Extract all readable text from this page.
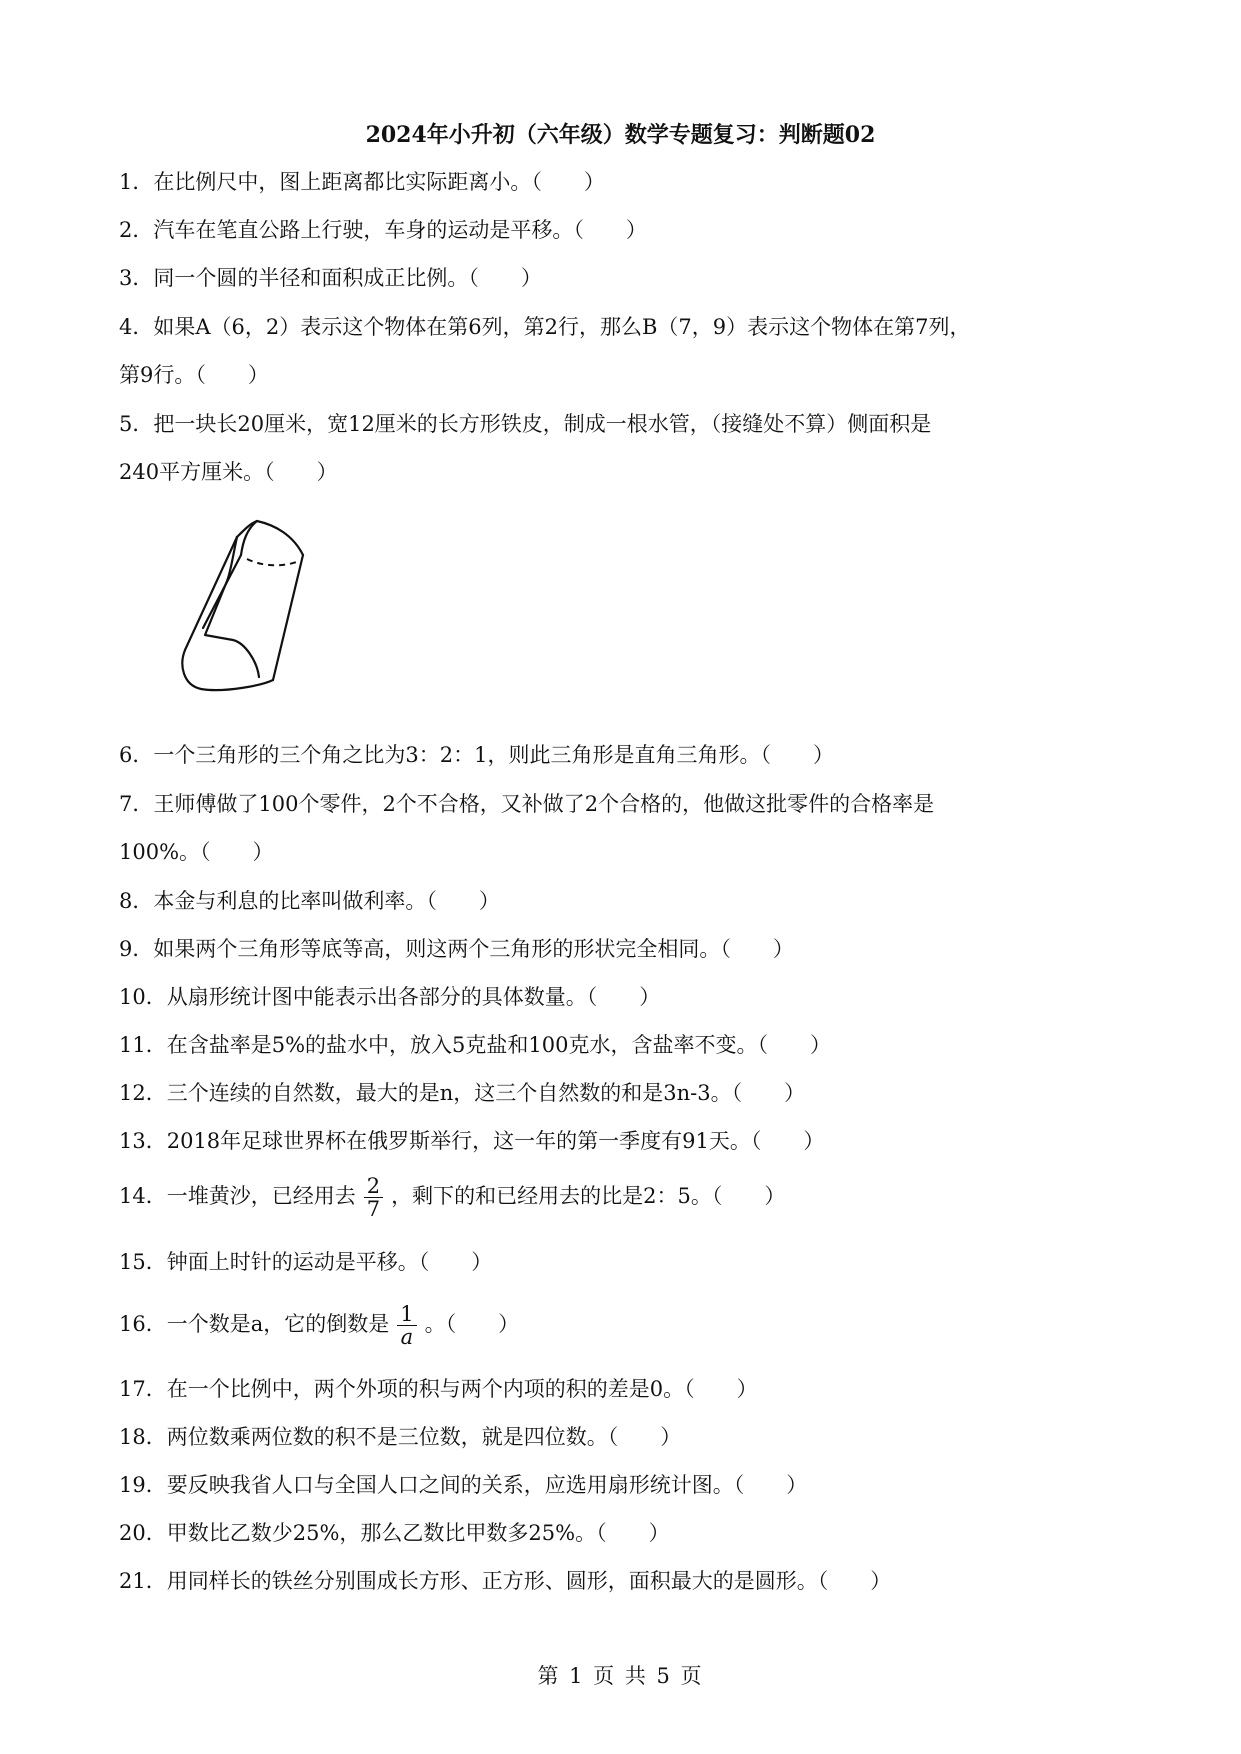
2024年小升初（六年级）数学专题复习：判断题02
1．在比例尺中，图上距离都比实际距离小。（　　）
2．汽车在笔直公路上行驶，车身的运动是平移。（　　）
3．同一个圆的半径和面积成正比例。（　　）
4．如果A（6，2）表示这个物体在第6列，第2行，那么B（7，9）表示这个物体在第7列，
第9行。（　　）
5．把一块长20厘米，宽12厘米的长方形铁皮，制成一根水管，（接缝处不算）侧面积是
240平方厘米。（　　）
6．一个三角形的三个角之比为3：2：1，则此三角形是直角三角形。（　　）
7．王师傅做了100个零件，2个不合格，又补做了2个合格的，他做这批零件的合格率是
100%。（　　）
8．本金与利息的比率叫做利率。（　　）
9．如果两个三角形等底等高，则这两个三角形的形状完全相同。（　　）
10．从扇形统计图中能表示出各部分的具体数量。（　　）
11．在含盐率是5%的盐水中，放入5克盐和100克水，含盐率不变。（　　）
12．三个连续的自然数，最大的是n，这三个自然数的和是3n-3。（　　）
13．2018年足球世界杯在俄罗斯举行，这一年的第一季度有91天。（　　）
14．一堆黄沙，已经用去 $\frac{2}{7}$ ，剩下的和已经用去的比是2：5。（　　）
15．钟面上时针的运动是平移。（　　）
16．一个数是a，它的倒数是 $\frac{1}{a}$ 。（　　）
17．在一个比例中，两个外项的积与两个内项的积的差是0。（　　）
18．两位数乘两位数的积不是三位数，就是四位数。（　　）
19．要反映我省人口与全国人口之间的关系，应选用扇形统计图。（　　）
20．甲数比乙数少25%，那么乙数比甲数多25%。（　　）
21．用同样长的铁丝分别围成长方形、正方形、圆形，面积最大的是圆形。（　　）
第 1 页 共 5 页
